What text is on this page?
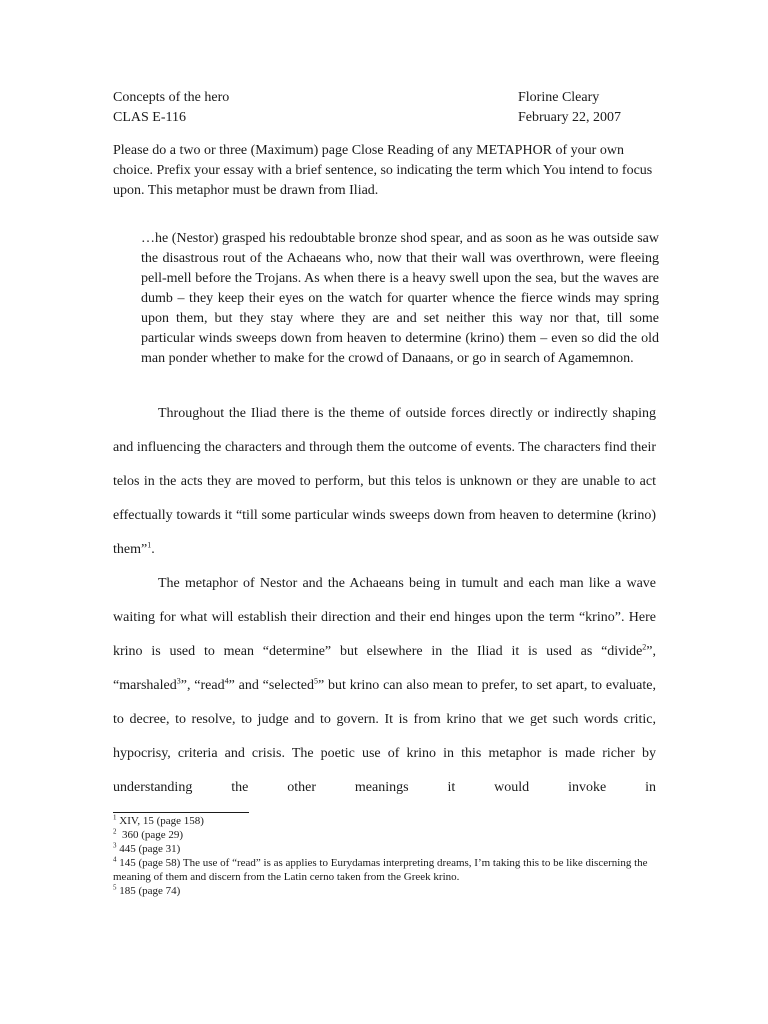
Concepts of the hero
CLAS E-116
Florine Cleary
February 22, 2007

Please do a two or three (Maximum) page Close Reading of any METAPHOR of your own choice. Prefix your essay with a brief sentence, so indicating the term which You intend to focus upon. This metaphor must be drawn from Iliad.

…he (Nestor) grasped his redoubtable bronze shod spear, and as soon as he was outside saw the disastrous rout of the Achaeans who, now that their wall was overthrown, were fleeing pell-mell before the Trojans. As when there is a heavy swell upon the sea, but the waves are dumb – they keep their eyes on the watch for quarter whence the fierce winds may spring upon them, but they stay where they are and set neither this way nor that, till some particular winds sweeps down from heaven to determine (krino) them – even so did the old man ponder whether to make for the crowd of Danaans, or go in search of Agamemnon.

Throughout the Iliad there is the theme of outside forces directly or indirectly shaping and influencing the characters and through them the outcome of events. The characters find their telos in the acts they are moved to perform, but this telos is unknown or they are unable to act effectually towards it “till some particular winds sweeps down from heaven to determine (krino) them”$^1$.

The metaphor of Nestor and the Achaeans being in tumult and each man like a wave waiting for what will establish their direction and their end hinges upon the term “krino”. Here krino is used to mean “determine” but elsewhere in the Iliad it is used as “divide$^2$”, “marshaled$^3$”, “read$^4$” and “selected$^5$” but krino can also mean to prefer, to set apart, to evaluate, to decree, to resolve, to judge and to govern. It is from krino that we get such words critic, hypocrisy, criteria and crisis. The poetic use of krino in this metaphor is made richer by understanding the other meanings it would invoke in

$^1$ XIV, 15 (page 158)

$^2$  360 (page 29)

$^3$ 445 (page 31)

$^4$ 145 (page 58) The use of “read” is as applies to Eurydamas interpreting dreams, I’m taking this to be like discerning the meaning of them and discern from the Latin cerno taken from the Greek krino.

$^5$ 185 (page 74)
